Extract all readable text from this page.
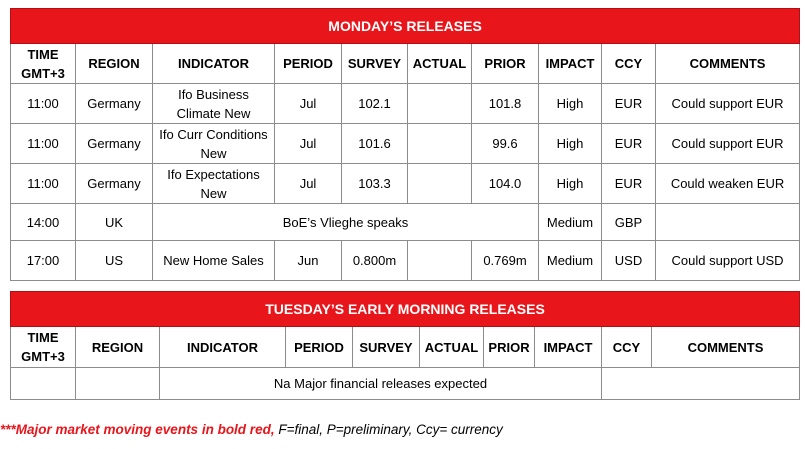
MONDAY’S RELEASES									
TIME
GMT+3	REGION	INDICATOR	PERIOD	SURVEY	ACTUAL	PRIOR	IMPACT	CCY	COMMENTS
11:00	Germany	Ifo Business Climate New	Jul	102.1		101.8	High	EUR	Could support EUR
11:00	Germany	Ifo Curr Conditions New	Jul	101.6		99.6	High	EUR	Could support EUR
11:00	Germany	Ifo Expectations New	Jul	103.3		104.0	High	EUR	Could weaken EUR
14:00	UK	BoE’s Vlieghe speaks					Medium	GBP	
17:00	US	New Home Sales	Jun	0.800m		0.769m	Medium	USD	Could support USD
TUESDAY’S EARLY MORNING RELEASES									
TIME
GMT+3	REGION	INDICATOR	PERIOD	SURVEY	ACTUAL	PRIOR	IMPACT	CCY	COMMENTS
		Na Major financial releases expected							
***Major market moving events in bold red, F=final, P=preliminary, Ccy= currency
